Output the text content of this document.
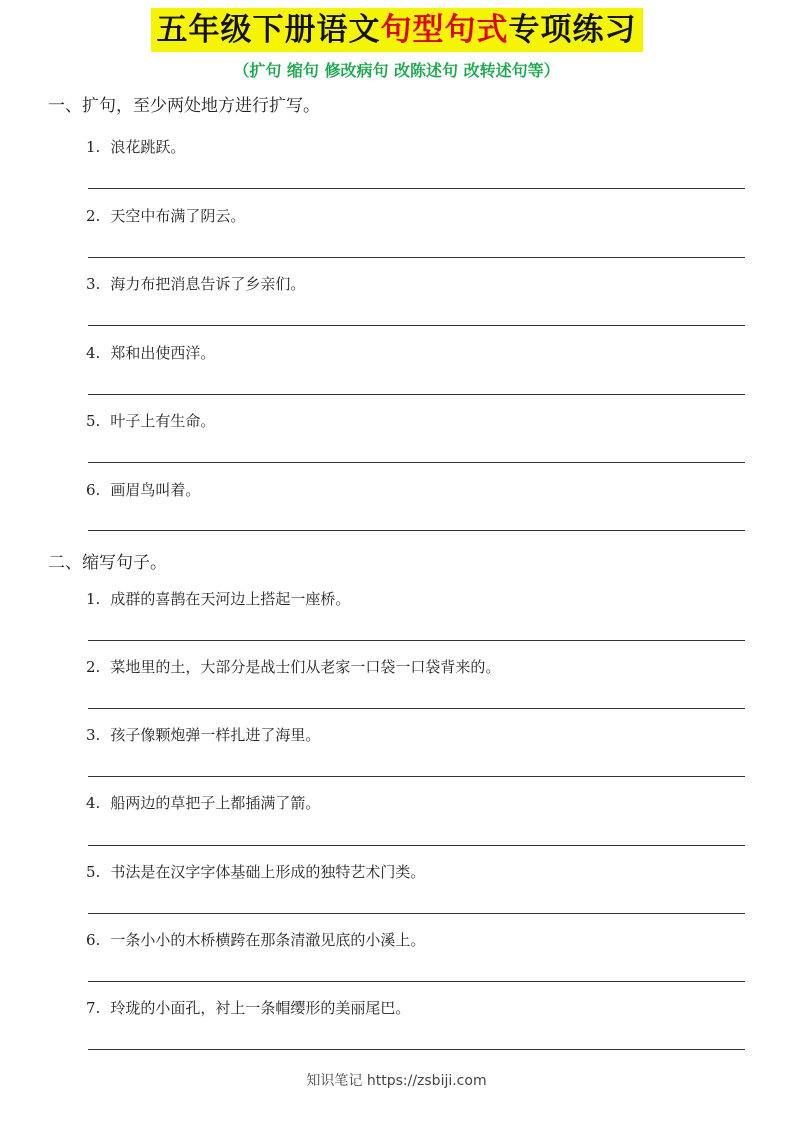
五年级下册语文句型句式专项练习
（扩句 缩句 修改病句 改陈述句 改转述句等）
一、扩句，至少两处地方进行扩写。
1. 浪花跳跃。
2. 天空中布满了阴云。
3. 海力布把消息告诉了乡亲们。
4. 郑和出使西洋。
5. 叶子上有生命。
6. 画眉鸟叫着。
二、缩写句子。
1. 成群的喜鹊在天河边上搭起一座桥。
2. 菜地里的土，大部分是战士们从老家一口袋一口袋背来的。
3. 孩子像颗炮弹一样扎进了海里。
4. 船两边的草把子上都插满了箭。
5. 书法是在汉字字体基础上形成的独特艺术门类。
6. 一条小小的木桥横跨在那条清澈见底的小溪上。
7. 玲珑的小面孔，衬上一条帽缨形的美丽尾巴。
知识笔记 https://zsbiji.com
